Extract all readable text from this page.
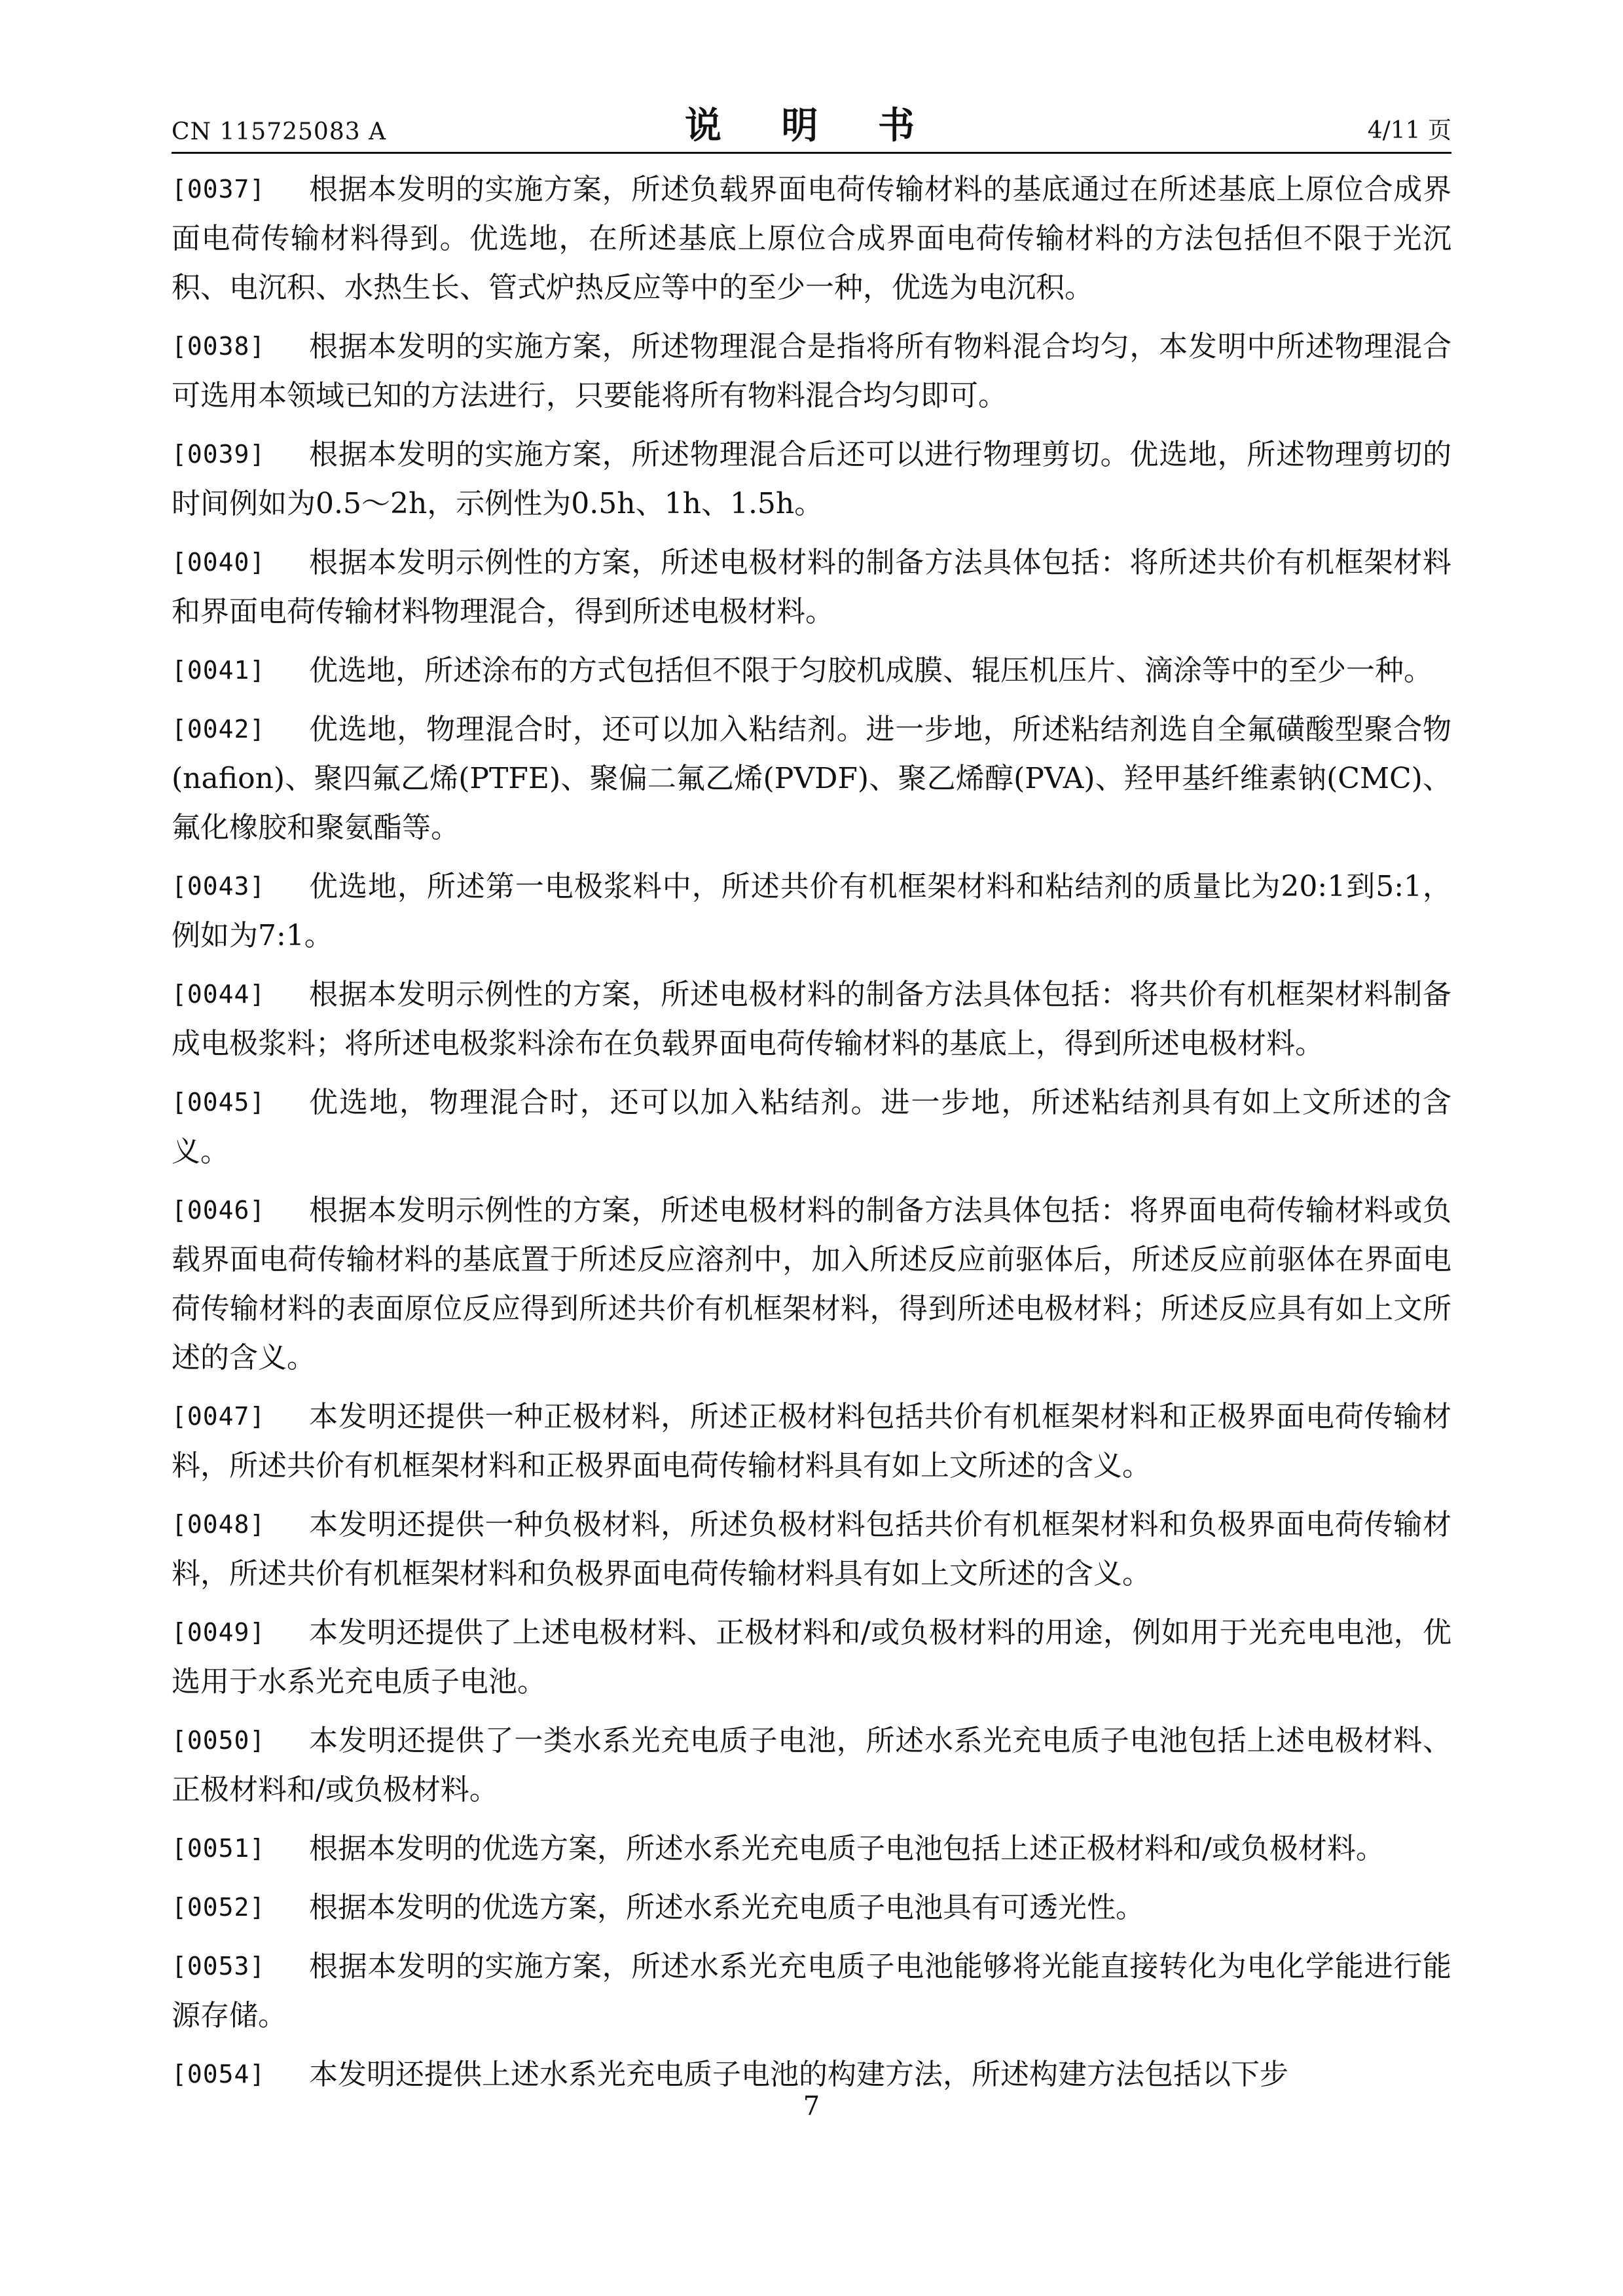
CN 115725083 A	说 明 书	4/11 页

[0037] 根据本发明的实施方案，所述负载界面电荷传输材料的基底通过在所述基底上原位合成界面电荷传输材料得到。优选地，在所述基底上原位合成界面电荷传输材料的方法包括但不限于光沉积、电沉积、水热生长、管式炉热反应等中的至少一种，优选为电沉积。

[0038] 根据本发明的实施方案，所述物理混合是指将所有物料混合均匀，本发明中所述物理混合可选用本领域已知的方法进行，只要能将所有物料混合均匀即可。

[0039] 根据本发明的实施方案，所述物理混合后还可以进行物理剪切。优选地，所述物理剪切的时间例如为0.5～2h，示例性为0.5h、1h、1.5h。

[0040] 根据本发明示例性的方案，所述电极材料的制备方法具体包括：将所述共价有机框架材料和界面电荷传输材料物理混合，得到所述电极材料。

[0041] 优选地，所述涂布的方式包括但不限于匀胶机成膜、辊压机压片、滴涂等中的至少一种。

[0042] 优选地，物理混合时，还可以加入粘结剂。进一步地，所述粘结剂选自全氟磺酸型聚合物(nafion)、聚四氟乙烯(PTFE)、聚偏二氟乙烯(PVDF)、聚乙烯醇(PVA)、羟甲基纤维素钠(CMC)、氟化橡胶和聚氨酯等。

[0043] 优选地，所述第一电极浆料中，所述共价有机框架材料和粘结剂的质量比为20:1到5:1，例如为7:1。

[0044] 根据本发明示例性的方案，所述电极材料的制备方法具体包括：将共价有机框架材料制备成电极浆料；将所述电极浆料涂布在负载界面电荷传输材料的基底上，得到所述电极材料。

[0045] 优选地，物理混合时，还可以加入粘结剂。进一步地，所述粘结剂具有如上文所述的含义。

[0046] 根据本发明示例性的方案，所述电极材料的制备方法具体包括：将界面电荷传输材料或负载界面电荷传输材料的基底置于所述反应溶剂中，加入所述反应前驱体后，所述反应前驱体在界面电荷传输材料的表面原位反应得到所述共价有机框架材料，得到所述电极材料；所述反应具有如上文所述的含义。

[0047] 本发明还提供一种正极材料，所述正极材料包括共价有机框架材料和正极界面电荷传输材料，所述共价有机框架材料和正极界面电荷传输材料具有如上文所述的含义。

[0048] 本发明还提供一种负极材料，所述负极材料包括共价有机框架材料和负极界面电荷传输材料，所述共价有机框架材料和负极界面电荷传输材料具有如上文所述的含义。

[0049] 本发明还提供了上述电极材料、正极材料和/或负极材料的用途，例如用于光充电电池，优选用于水系光充电质子电池。

[0050] 本发明还提供了一类水系光充电质子电池，所述水系光充电质子电池包括上述电极材料、正极材料和/或负极材料。

[0051] 根据本发明的优选方案，所述水系光充电质子电池包括上述正极材料和/或负极材料。

[0052] 根据本发明的优选方案，所述水系光充电质子电池具有可透光性。

[0053] 根据本发明的实施方案，所述水系光充电质子电池能够将光能直接转化为电化学能进行能源存储。

[0054] 本发明还提供上述水系光充电质子电池的构建方法，所述构建方法包括以下步

7
